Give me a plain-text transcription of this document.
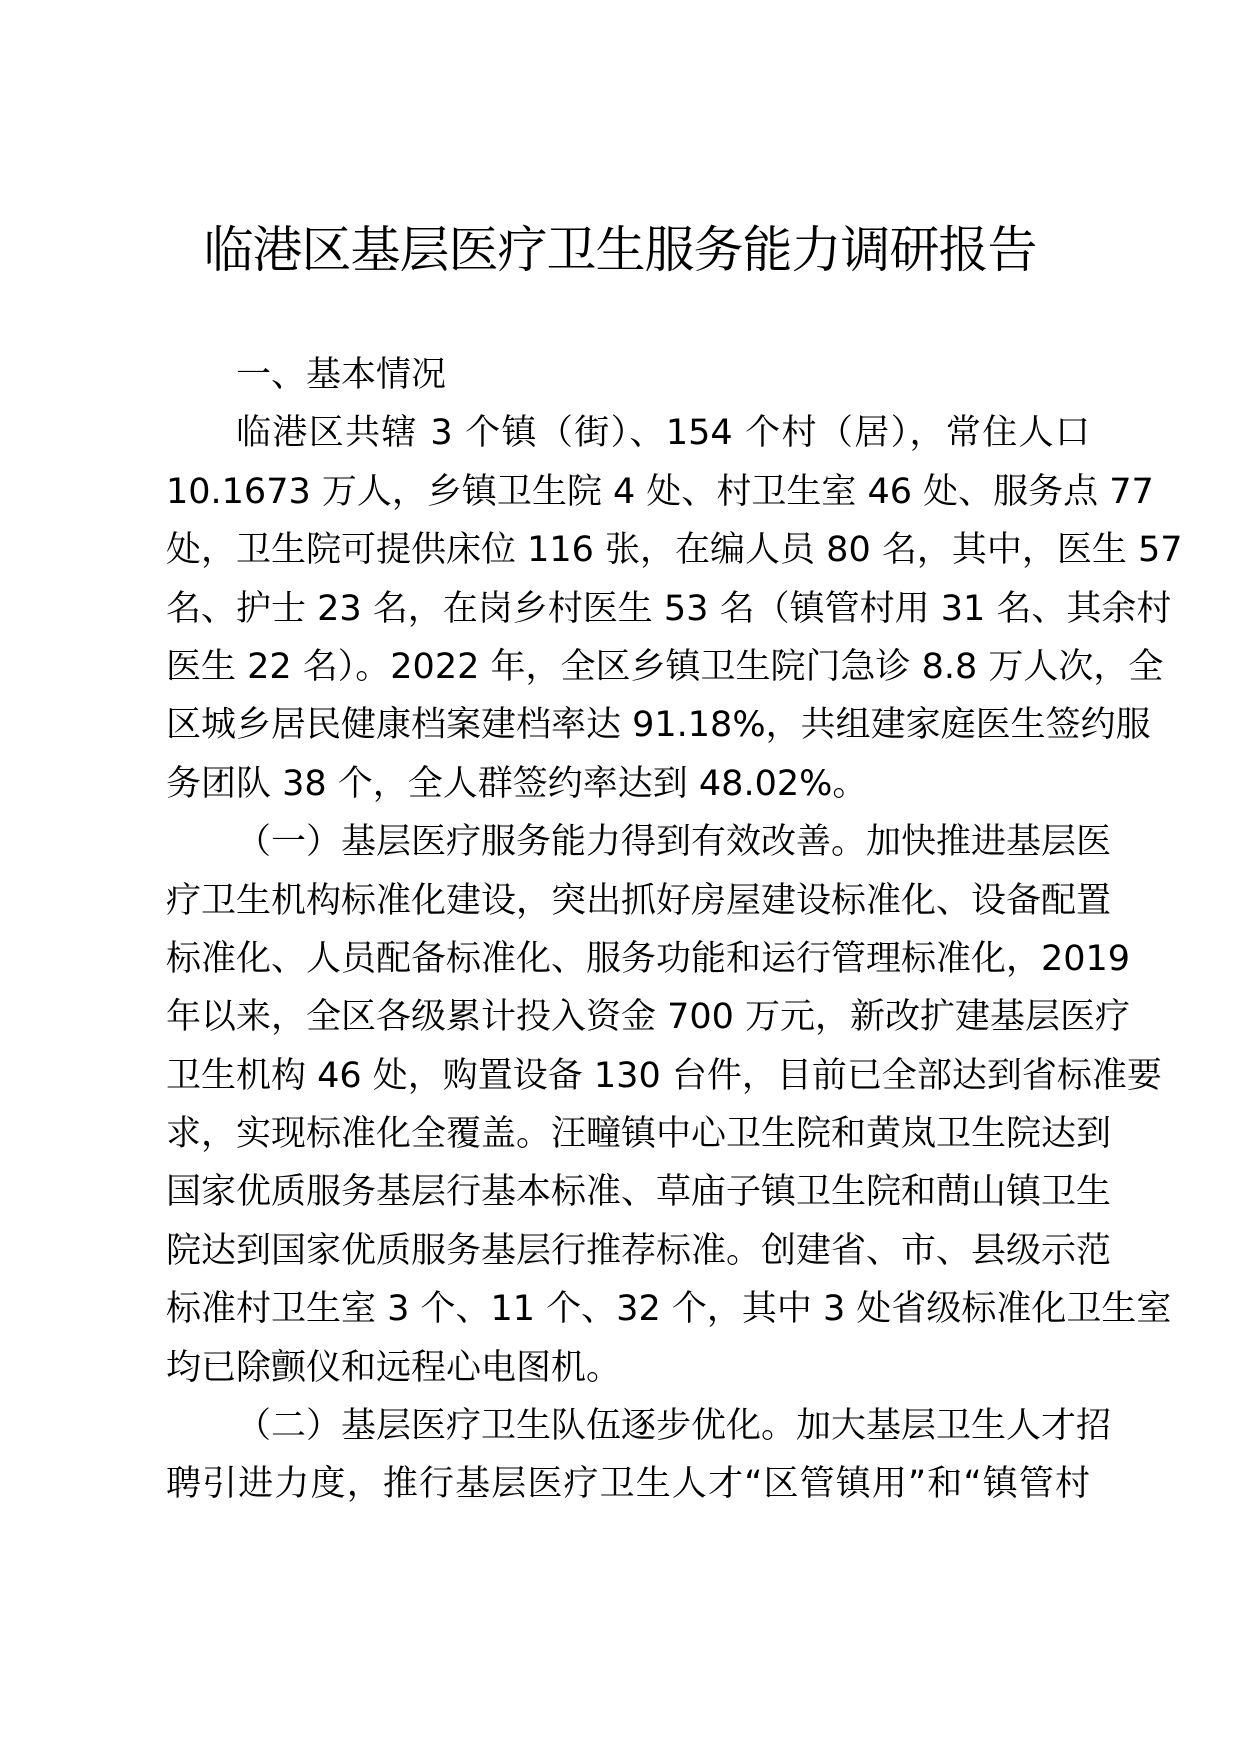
临港区基层医疗卫生服务能力调研报告
一、基本情况
临港区共辖 3 个镇（街）、154 个村（居），常住人口
10.1673 万人，乡镇卫生院 4 处、村卫生室 46 处、服务点 77
处，卫生院可提供床位 116 张，在编人员 80 名，其中，医生 57
名、护士 23 名，在岗乡村医生 53 名（镇管村用 31 名、其余村
医生 22 名）。2022 年，全区乡镇卫生院门急诊 8.8 万人次，全
区城乡居民健康档案建档率达 91.18%，共组建家庭医生签约服
务团队 38 个，全人群签约率达到 48.02%。
（一）基层医疗服务能力得到有效改善。加快推进基层医
疗卫生机构标准化建设，突出抓好房屋建设标准化、设备配置
标准化、人员配备标准化、服务功能和运行管理标准化，2019
年以来，全区各级累计投入资金 700 万元，新改扩建基层医疗
卫生机构 46 处，购置设备 130 台件，目前已全部达到省标准要
求，实现标准化全覆盖。汪疃镇中心卫生院和黄岚卫生院达到
国家优质服务基层行基本标准、草庙子镇卫生院和蔄山镇卫生
院达到国家优质服务基层行推荐标准。创建省、市、县级示范
标准村卫生室 3 个、11 个、32 个，其中 3 处省级标准化卫生室
均已除颤仪和远程心电图机。
（二）基层医疗卫生队伍逐步优化。加大基层卫生人才招
聘引进力度，推行基层医疗卫生人才“区管镇用”和“镇管村
